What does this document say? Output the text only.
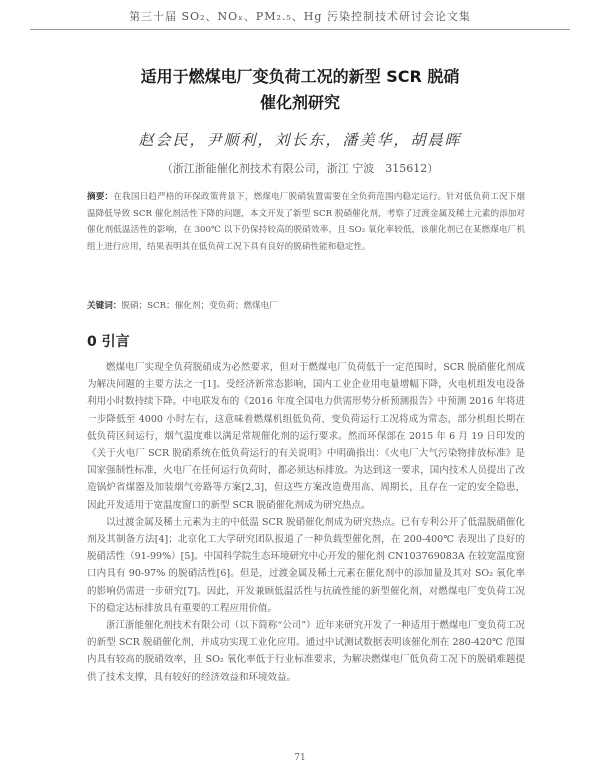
第三十届 SO₂、NOₓ、PM₂.₅、Hg 污染控制技术研讨会论文集
适用于燃煤电厂变负荷工况的新型 SCR 脱硝
催化剂研究
赵会民，尹顺利，刘长东，潘美华，胡晨晖
（浙江浙能催化剂技术有限公司，浙江 宁波　315612）
摘要：在我国日趋严格的环保政策背景下，燃煤电厂脱硝装置需要在全负荷范围内稳定运行。针对低负荷工况下烟温降低导致 SCR 催化剂活性下降的问题，本文开发了新型 SCR 脱硝催化剂，考察了过渡金属及稀土元素的添加对催化剂低温活性的影响，在 300℃ 以下仍保持较高的脱硝效率，且 SO₂ 氧化率较低，该催化剂已在某燃煤电厂机组上进行应用，结果表明其在低负荷工况下具有良好的脱硝性能和稳定性。
关键词：脱硝；SCR；催化剂；变负荷；燃煤电厂
0 引言

燃煤电厂实现全负荷脱硝成为必然要求，但对于燃煤电厂负荷低于一定范围时，SCR 脱硝催化剂成为解决问题的主要方法之一[1]。受经济新常态影响，国内工业企业用电量增幅下降，火电机组发电设备利用小时数持续下降。中电联发布的《2016 年度全国电力供需形势分析预测报告》中预测 2016 年将进一步降低至 4000 小时左右，这意味着燃煤机组低负荷、变负荷运行工况将成为常态，部分机组长期在低负荷区间运行，烟气温度难以满足常规催化剂的运行要求。然而环保部在 2015 年 6 月 19 日印发的《关于火电厂 SCR 脱硝系统在低负荷运行的有关说明》中明确指出：《火电厂大气污染物排放标准》是国家强制性标准，火电厂在任何运行负荷时，都必须达标排放。为达到这一要求，国内技术人员提出了改造锅炉省煤器及加装烟气旁路等方案[2,3]，但这些方案改造费用高、周期长，且存在一定的安全隐患，因此开发适用于宽温度窗口的新型 SCR 脱硝催化剂成为研究热点。

以过渡金属及稀土元素为主的中低温 SCR 脱硝催化剂成为研究热点。已有专利公开了低温脱硝催化剂及其制备方法[4]；北京化工大学研究团队报道了一种负载型催化剂，在 200-400℃ 表现出了良好的脱硝活性（91-99%）[5]。中国科学院生态环境研究中心开发的催化剂 CN103769083A 在较宽温度窗口内具有 90-97% 的脱硝活性[6]。但是，过渡金属及稀土元素在催化剂中的添加量及其对 SO₂ 氧化率的影响仍需进一步研究[7]。因此，开发兼顾低温活性与抗硫性能的新型催化剂，对燃煤电厂变负荷工况下的稳定达标排放具有重要的工程应用价值。

浙江浙能催化剂技术有限公司（以下简称“公司”）近年来研究开发了一种适用于燃煤电厂变负荷工况的新型 SCR 脱硝催化剂，并成功实现工业化应用。通过中试测试数据表明该催化剂在 280-420℃ 范围内具有较高的脱硝效率，且 SO₂ 氧化率低于行业标准要求，为解决燃煤电厂低负荷工况下的脱硝难题提供了技术支撑，具有较好的经济效益和环境效益。

71
